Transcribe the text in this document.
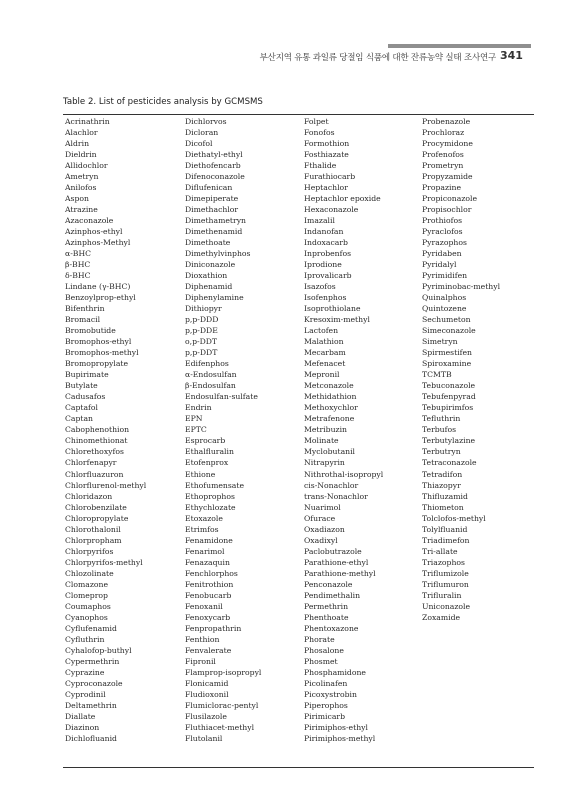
부산지역 유통 과일류 당절임 식품에 대한 잔류농약 실태 조사연구 341
Table 2. List of pesticides analysis by GCMSMS
Acrinathrin
Alachlor
Aldrin
Dieldrin
Allidochlor
Ametryn
Anilofos
Aspon
Atrazine
Azaconazole
Azinphos-ethyl
Azinphos-Methyl
α-BHC
β-BHC
δ-BHC
Lindane (γ-BHC)
Benzoylprop-ethyl
Bifenthrin
Bromacil
Bromobutide
Bromophos-ethyl
Bromophos-methyl
Bromopropylate
Bupirimate
Butylate
Cadusafos
Captafol
Captan
Cabophenothion
Chinomethionat
Chlorethoxyfos
Chlorfenapyr
Chlorfluazuron
Chlorflurenol-methyl
Chloridazon
Chlorobenzilate
Chloropropylate
Chlorothalonil
Chlorpropham
Chlorpyrifos
Chlorpyrifos-methyl
Chlozolinate
Clomazone
Clomeprop
Coumaphos
Cyanophos
Cyflufenamid
Cyfluthrin
Cyhalofop-buthyl
Cypermethrin
Cyprazine
Cyproconazole
Cyprodinil
Deltamethrin
Diallate
Diazinon
Dichlofluanid
Dichlorvos
Dicloran
Dicofol
Diethatyl-ethyl
Diethofencarb
Difenoconazole
Diflufenican
Dimepiperate
Dimethachlor
Dimethametryn
Dimethenamid
Dimethoate
Dimethylvinphos
Diniconazole
Dioxathion
Diphenamid
Diphenylamine
Dithiopyr
p,p-DDD
p,p-DDE
o,p-DDT
p,p-DDT
Edifenphos
α-Endosulfan
β-Endosulfan
Endosulfan-sulfate
Endrin
EPN
EPTC
Esprocarb
Ethalfluralin
Etofenprox
Ethione
Ethofumensate
Ethoprophos
Ethychlozate
Etoxazole
Etrimfos
Fenamidone
Fenarimol
Fenazaquin
Fenchlorphos
Fenitrothion
Fenobucarb
Fenoxanil
Fenoxycarb
Fenpropathrin
Fenthion
Fenvalerate
Fipronil
Flamprop-isopropyl
Flonicamid
Fludioxonil
Flumiclorac-pentyl
Flusilazole
Fluthiacet-methyl
Flutolanil
Folpet
Fonofos
Formothion
Fosthiazate
Fthalide
Furathiocarb
Heptachlor
Heptachlor epoxide
Hexaconazole
Imazalil
Indanofan
Indoxacarb
Inprobenfos
Iprodione
Iprovalicarb
Isazofos
Isofenphos
Isoprothiolane
Kresoxim-methyl
Lactofen
Malathion
Mecarbam
Mefenacet
Mepronil
Metconazole
Methidathion
Methoxychlor
Metrafenone
Metribuzin
Molinate
Myclobutanil
Nitrapyrin
Nithrothal-isopropyl
cis-Nonachlor
trans-Nonachlor
Nuarimol
Ofurace
Oxadiazon
Oxadixyl
Paclobutrazole
Parathione-ethyl
Parathione-methyl
Penconazole
Pendimethalin
Permethrin
Phenthoate
Phentoxazone
Phorate
Phosalone
Phosmet
Phosphamidone
Picolinafen
Picoxystrobin
Piperophos
Pirimicarb
Pirimiphos-ethyl
Pirimiphos-methyl
Probenazole
Prochloraz
Procymidone
Profenofos
Prometryn
Propyzamide
Propazine
Propiconazole
Propisochlor
Prothiofos
Pyraclofos
Pyrazophos
Pyridaben
Pyridalyl
Pyrimidifen
Pyriminobac-methyl
Quinalphos
Quintozene
Sechumeton
Simeconazole
Simetryn
Spirmestifen
Spiroxamine
TCMTB
Tebuconazole
Tebufenpyrad
Tebupirimfos
Tefluthrin
Terbufos
Terbutylazine
Terbutryn
Tetraconazole
Tetradifon
Thiazopyr
Thifluzamid
Thiometon
Tolclofos-methyl
Tolylfluanid
Triadimefon
Tri-allate
Triazophos
Triflumizole
Triflumuron
Trifluralin
Uniconazole
Zoxamide
